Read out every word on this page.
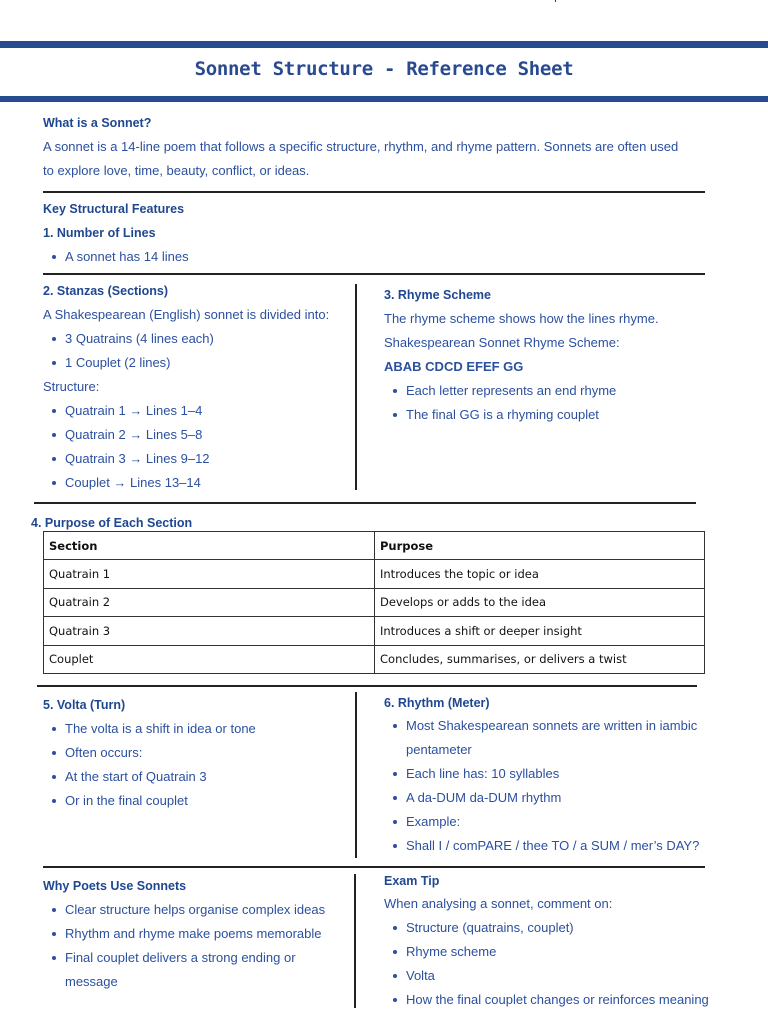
Sonnet Structure - Reference Sheet
What is a Sonnet?
A sonnet is a 14-line poem that follows a specific structure, rhythm, and rhyme pattern. Sonnets are often used
to explore love, time, beauty, conflict, or ideas.
Key Structural Features
1. Number of Lines
A sonnet has 14 lines
2. Stanzas (Sections)
A Shakespearean (English) sonnet is divided into:
3 Quatrains (4 lines each)
1 Couplet (2 lines)
Structure:
Quatrain 1 → Lines 1–4
Quatrain 2 → Lines 5–8
Quatrain 3 → Lines 9–12
Couplet → Lines 13–14
3. Rhyme Scheme
The rhyme scheme shows how the lines rhyme.
Shakespearean Sonnet Rhyme Scheme:
ABAB CDCD EFEF GG
Each letter represents an end rhyme
The final GG is a rhyming couplet
4. Purpose of Each Section
Section	Purpose
Quatrain 1	Introduces the topic or idea
Quatrain 2	Develops or adds to the idea
Quatrain 3	Introduces a shift or deeper insight
Couplet	Concludes, summarises, or delivers a twist
5. Volta (Turn)
The volta is a shift in idea or tone
Often occurs:
At the start of Quatrain 3
Or in the final couplet
6. Rhythm (Meter)
Most Shakespearean sonnets are written in iambic pentameter
Each line has: 10 syllables
A da-DUM da-DUM rhythm
Example:
Shall I / comPARE / thee TO / a SUM / mer’s DAY?
Why Poets Use Sonnets
Clear structure helps organise complex ideas
Rhythm and rhyme make poems memorable
Final couplet delivers a strong ending or message
Exam Tip
When analysing a sonnet, comment on:
Structure (quatrains, couplet)
Rhyme scheme
Volta
How the final couplet changes or reinforces meaning
